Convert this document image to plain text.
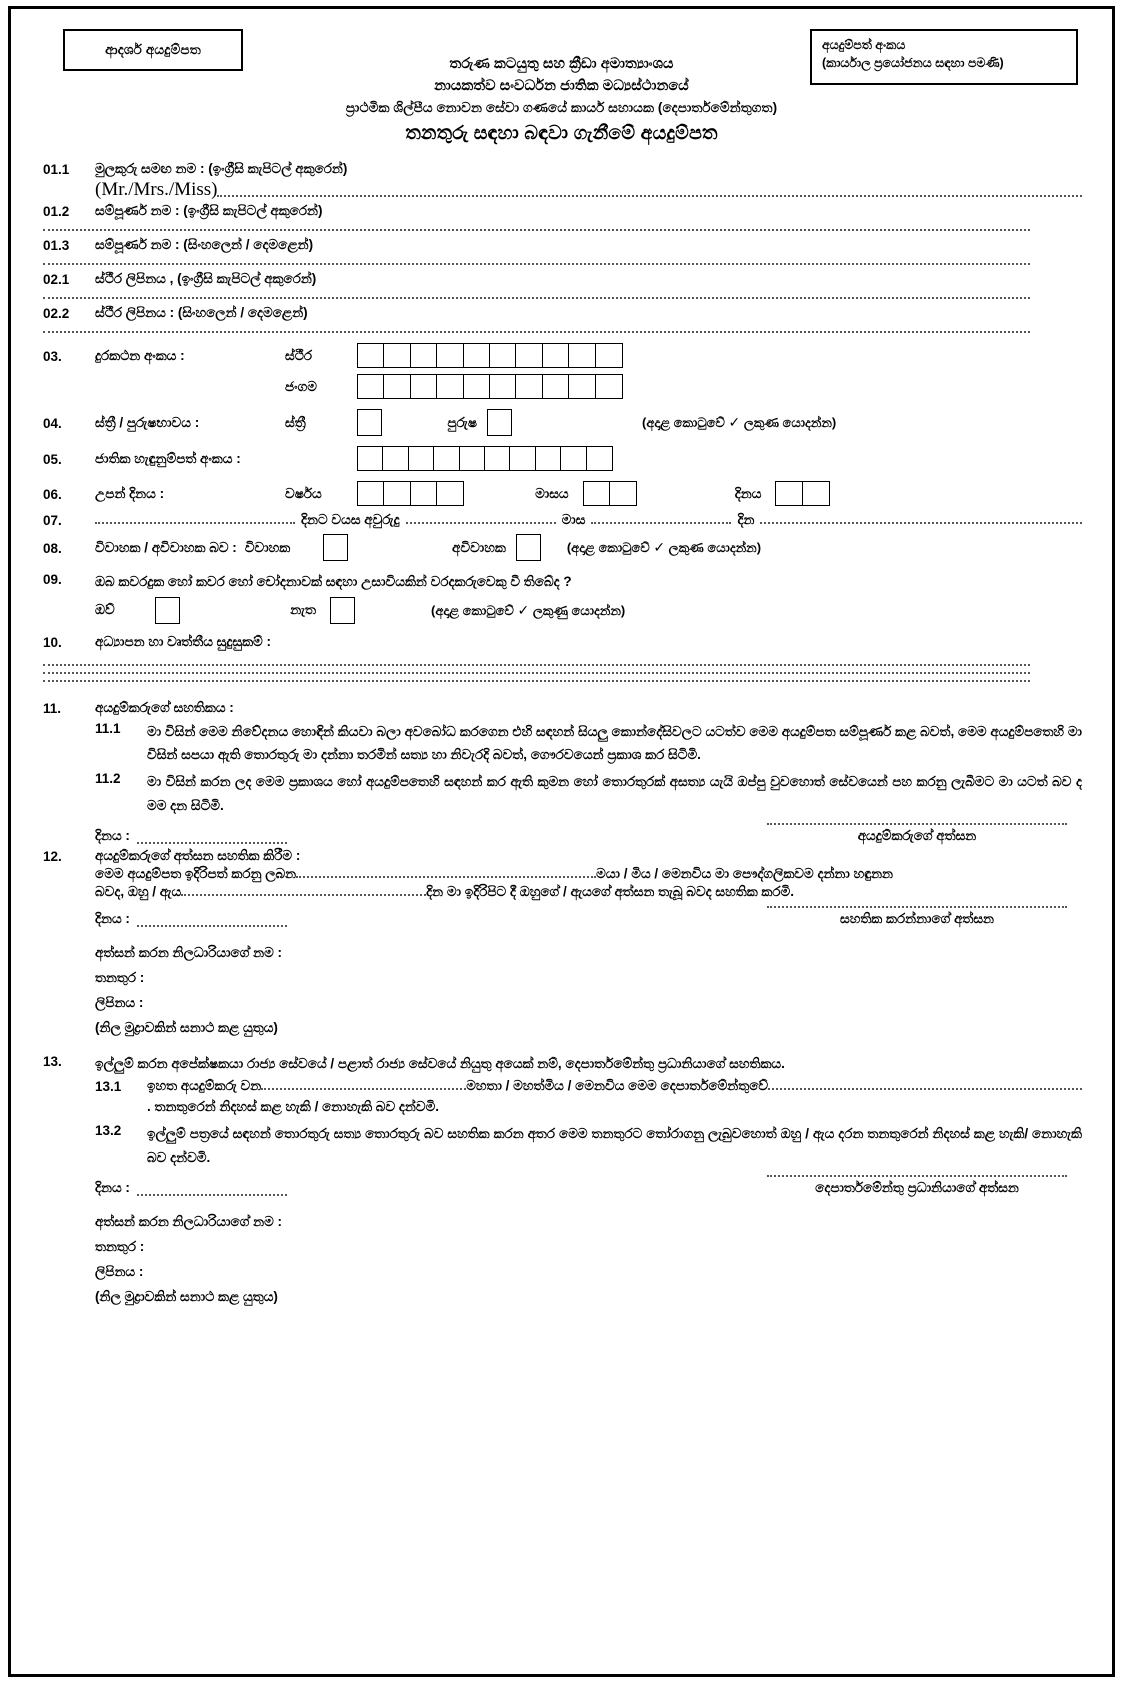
ආදර්ශ අයදුම්පත	අයදුම්පත් අංකය
(කාර්යාල ප්‍රයෝජනය සඳහා පමණි)
තරුණ කටයුතු සහ ක්‍රීඩා අමාත්‍යාංශය
නායකත්ව සංවර්ධන ජාතික මධ්‍යස්ථානයේ
ප්‍රාථමික ශිල්පීය නොවන සේවා ගණයේ කාර්ය සහායක (දෙපාර්තමේන්තුගත)
තනතුරු සඳහා බඳවා ගැනීමේ අයදුම්පත
01.1	මුලකුරු සමඟ නම : (ඉංග්‍රීසි කැපිටල් අකුරෙන්)
(Mr./Mrs./Miss)
01.2	සම්පූර්ණ නම : (ඉංග්‍රීසි කැපිටල් අකුරෙන්)
01.3	සම්පූර්ණ නම : (සිංහලෙන් / දෙමළෙන්)
02.1	ස්ථීර ලිපිනය , (ඉංග්‍රීසි කැපිටල් අකුරෙන්)
02.2	ස්ථීර ලිපිනය : (සිංහලෙන් / දෙමළෙන්)
03.	දුරකථන අංකය :	ස්ථීර
ජංගම
04.	ස්ත්‍රී / පුරුෂභාවය :	ස්ත්‍රී	පුරුෂ	(අදාළ කොටුවේ ✓ ලකුණ යොදන්න)
05.	ජාතික හැඳුනුම්පත් අංකය :
06.	උපන් දිනය :	වර්ෂය	මාසය	දිනය
07.	දිනට වයස අවුරුදු	මාස	දින
08.	විවාහක / අවිවාහක බව : විවාහක	අවිවාහක	(අදාළ කොටුවේ ✓ ලකුණ යොදන්න)
09.	ඔබ කවරදුක හෝ කවර හෝ චෝදනාවක් සඳහා උසාවියකින් වරදකරුවෙකු වී තිබේද ?
ඔව්	නැත	(අදාළ කොටුවේ ✓ ලකුණු යොදන්න)
10.	අධ්‍යාපන හා වෘත්තීය සුදුසුකම් :
11.	අයදුම්කරුගේ සහතිකය :
11.1	මා විසින් මෙම නිවේදනය හොඳින් කියවා බලා අවබෝධ කරගෙන එහි සඳහන් සියලු කොන්දේසිවලට යටත්ව මෙම අයදුම්පත සම්පූර්ණ කළ බවත්, මෙම අයදුම්පතෙහි මා විසින් සපයා ඇති තොරතුරු මා දන්නා තරමින් සත්‍ය හා නිවැරදි බවත්, ගෞරවයෙන් ප්‍රකාශ කර සිටිමි.
11.2	මා විසින් කරන ලද මෙම ප්‍රකාශය හෝ අයදුම්පතෙහි සඳහන් කර ඇති කුමන හෝ තොරතුරක් අසත්‍ය යැයි ඔප්පු වුවහොත් සේවයෙන් පහ කරනු ලැබීමට මා යටත් බව ද මම දන සිටිමි.
දිනය :	අයදුම්කරුගේ අත්සන
12.	අයදුම්කරුගේ අත්සන සහතික කිරීම :
මෙම අයදුම්පත ඉදිරිපත් කරනු ලබන	මයා / මිය / මෙනවිය මා පෞද්ගලිකවම දන්නා හඳුනන
බවද, ඔහු / ඇය	දින මා ඉදිරිපිට දී ඔහුගේ / ඇයගේ අත්සන තැබූ බවද සහතික කරමි.
දිනය :	සහතික කරන්නාගේ අත්සන
අත්සන් කරන නිලධාරියාගේ නම :
තනතුර :
ලිපිනය :
(නිල මුද්‍රාවකින් සනාථ කළ යුතුය)
13.	ඉල්ලුම් කරන අපේක්ෂකයා රාජ්‍ය සේවයේ / පළාත් රාජ්‍ය සේවයේ නියුතු අයෙක් නම්, දෙපාර්තමේන්තු ප්‍රධානියාගේ සහතිකය.
13.1	ඉහත අයදුම්කරු වන	මහතා / මහත්මිය / මෙනවිය මෙම දෙපාර්තමේන්තුවේ
. තනතුරෙන් නිදහස් කළ හැකි / නොහැකි බව දන්වමි.
13.2	ඉල්ලුම් පත්‍රයේ සඳහන් තොරතුරු සත්‍ය තොරතුරු බව සහතික කරන අතර මෙම තනතුරට තෝරාගනු ලැබුවහොත් ඔහු / ඇය දරන තනතුරෙන් නිදහස් කළ හැකි/ නොහැකි බව දන්වමි.
දිනය :	දෙපාර්තමේන්තු ප්‍රධානියාගේ අත්සන
අත්සන් කරන නිලධාරියාගේ නම :
තනතුර :
ලිපිනය :
(නිල මුද්‍රාවකින් සනාථ කළ යුතුය)
